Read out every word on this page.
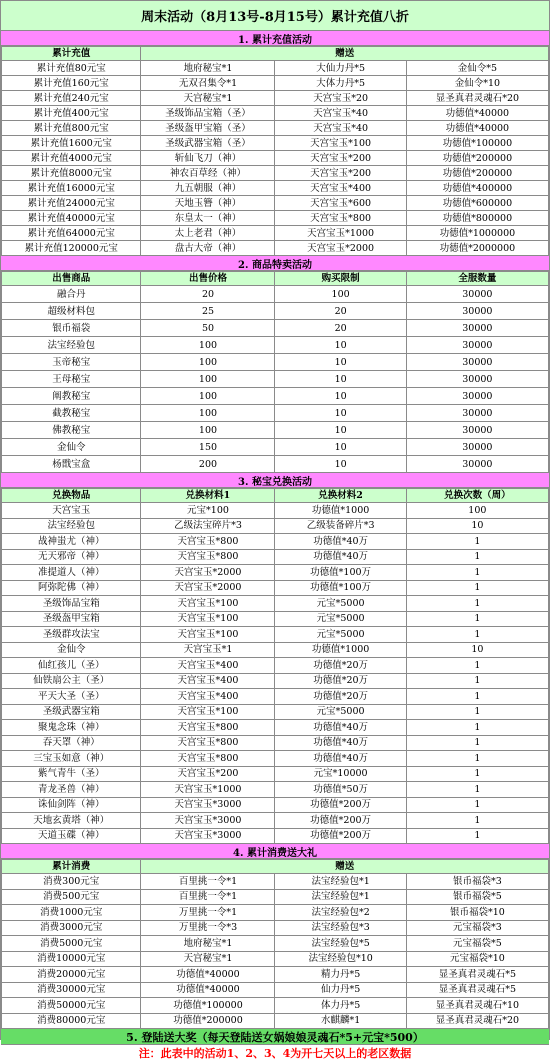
周末活动（8月13号-8月15号）累计充值八折
1. 累计充值活动
累计充值	赠送		
累计充值80元宝	地府秘宝*1	大仙力丹*5	金仙令*5
累计充值160元宝	无双召集令*1	大体力丹*5	金仙令*10
累计充值240元宝	天宫秘宝*1	天宫宝玉*20	显圣真君灵魂石*20
累计充值400元宝	圣级饰品宝箱（圣）	天宫宝玉*40	功德值*40000
累计充值800元宝	圣级盔甲宝箱（圣）	天宫宝玉*40	功德值*40000
累计充值1600元宝	圣级武器宝箱（圣）	天宫宝玉*100	功德值*100000
累计充值4000元宝	斩仙飞刀（神）	天宫宝玉*200	功德值*200000
累计充值8000元宝	神农百草经（神）	天宫宝玉*200	功德值*200000
累计充值16000元宝	九五朝服（神）	天宫宝玉*400	功德值*400000
累计充值24000元宝	天地玉簪（神）	天宫宝玉*600	功德值*600000
累计充值40000元宝	东皇太一（神）	天宫宝玉*800	功德值*800000
累计充值64000元宝	太上老君（神）	天宫宝玉*1000	功德值*1000000
累计充值120000元宝	盘古大帝（神）	天宫宝玉*2000	功德值*2000000
2. 商品特卖活动
出售商品	出售价格	购买限制	全服数量
融合丹	20	100	30000
超级材料包	25	20	30000
银币福袋	50	20	30000
法宝经验包	100	10	30000
玉帝秘宝	100	10	30000
王母秘宝	100	10	30000
阐教秘宝	100	10	30000
截教秘宝	100	10	30000
佛教秘宝	100	10	30000
金仙令	150	10	30000
杨戬宝盒	200	10	30000
3. 秘宝兑换活动
兑换物品	兑换材料1	兑换材料2	兑换次数（周）
天宫宝玉	元宝*100	功德值*1000	100
法宝经验包	乙级法宝碎片*3	乙级装备碎片*3	10
战神蚩尤（神）	天宫宝玉*800	功德值*40万	1
无天邪帝（神）	天宫宝玉*800	功德值*40万	1
准提道人（神）	天宫宝玉*2000	功德值*100万	1
阿弥陀佛（神）	天宫宝玉*2000	功德值*100万	1
圣级饰品宝箱	天宫宝玉*100	元宝*5000	1
圣级盔甲宝箱	天宫宝玉*100	元宝*5000	1
圣级群攻法宝	天宫宝玉*100	元宝*5000	1
金仙令	天宫宝玉*1	功德值*1000	10
仙红孩儿（圣）	天宫宝玉*400	功德值*20万	1
仙铁扇公主（圣）	天宫宝玉*400	功德值*20万	1
平天大圣（圣）	天宫宝玉*400	功德值*20万	1
圣级武器宝箱	天宫宝玉*100	元宝*5000	1
聚鬼念珠（神）	天宫宝玉*800	功德值*40万	1
吞天罩（神）	天宫宝玉*800	功德值*40万	1
三宝玉如意（神）	天宫宝玉*800	功德值*40万	1
紫气青牛（圣）	天宫宝玉*200	元宝*10000	1
青龙圣兽（神）	天宫宝玉*1000	功德值*50万	1
诛仙剑阵（神）	天宫宝玉*3000	功德值*200万	1
天地玄黄塔（神）	天宫宝玉*3000	功德值*200万	1
天道玉碟（神）	天宫宝玉*3000	功德值*200万	1
4. 累计消费送大礼
累计消费	赠送		
消费300元宝	百里挑一令*1	法宝经验包*1	银币福袋*3
消费500元宝	百里挑一令*1	法宝经验包*1	银币福袋*5
消费1000元宝	万里挑一令*1	法宝经验包*2	银币福袋*10
消费3000元宝	万里挑一令*3	法宝经验包*3	元宝福袋*3
消费5000元宝	地府秘宝*1	法宝经验包*5	元宝福袋*5
消费10000元宝	天宫秘宝*1	法宝经验包*10	元宝福袋*10
消费20000元宝	功德值*40000	精力丹*5	显圣真君灵魂石*5
消费30000元宝	功德值*40000	仙力丹*5	显圣真君灵魂石*5
消费50000元宝	功德值*100000	体力丹*5	显圣真君灵魂石*10
消费80000元宝	功德值*200000	水麒麟*1	显圣真君灵魂石*20
5. 登陆送大奖（每天登陆送女娲娘娘灵魂石*5+元宝*500）
注：此表中的活动1、2、3、4为开七天以上的老区数据
